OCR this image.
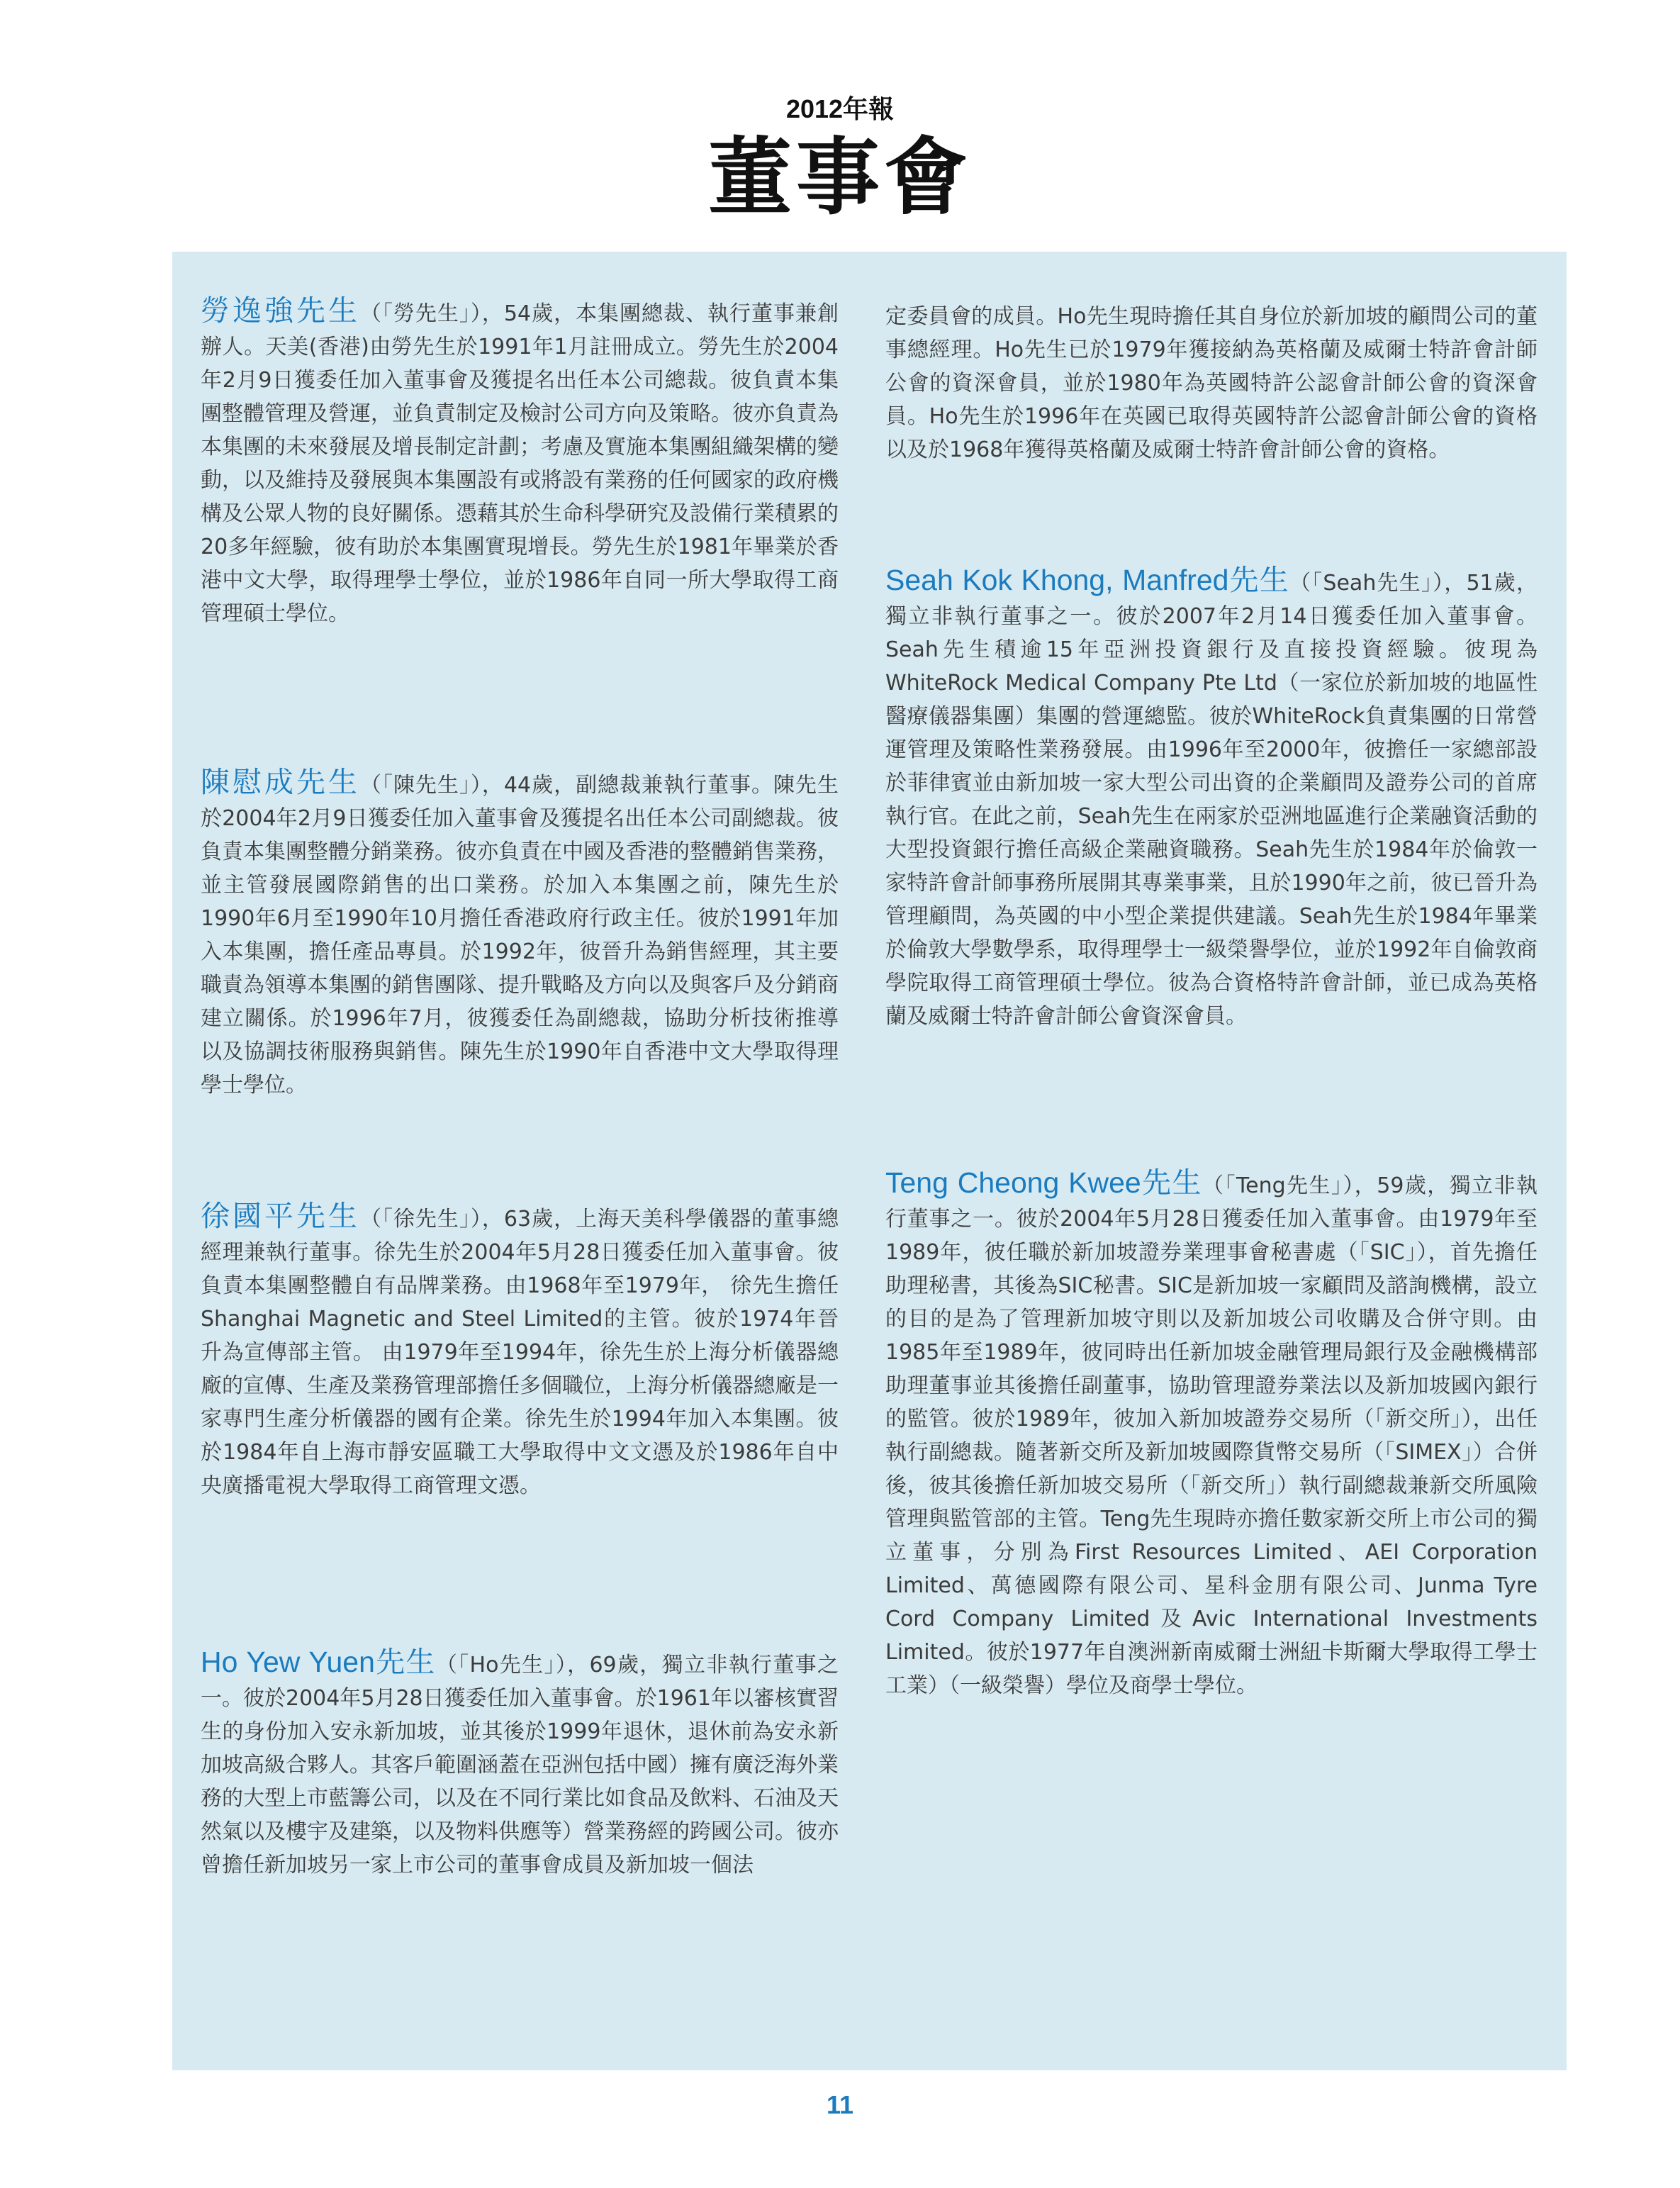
2012年報
董事會

勞逸強先生（「勞先生」），54歲，本集團總裁、執行董事兼創辦人。天美(香港)由勞先生於1991年1月註冊成立。勞先生於2004年2月9日獲委任加入董事會及獲提名出任本公司總裁。彼負責本集團整體管理及營運，並負責制定及檢討公司方向及策略。彼亦負責為本集團的未來發展及增長制定計劃；考慮及實施本集團組織架構的變動，以及維持及發展與本集團設有或將設有業務的任何國家的政府機構及公眾人物的良好關係。憑藉其於生命科學研究及設備行業積累的20多年經驗，彼有助於本集團實現增長。勞先生於1981年畢業於香港中文大學，取得理學士學位，並於1986年自同一所大學取得工商管理碩士學位。

陳慰成先生（「陳先生」），44歲，副總裁兼執行董事。陳先生於2004年2月9日獲委任加入董事會及獲提名出任本公司副總裁。彼負責本集團整體分銷業務。彼亦負責在中國及香港的整體銷售業務，並主管發展國際銷售的出口業務。於加入本集團之前，陳先生於1990年6月至1990年10月擔任香港政府行政主任。彼於1991年加入本集團，擔任產品專員。於1992年，彼晉升為銷售經理，其主要職責為領導本集團的銷售團隊、提升戰略及方向以及與客戶及分銷商建立關係。於1996年7月，彼獲委任為副總裁，協助分析技術推導以及協調技術服務與銷售。陳先生於1990年自香港中文大學取得理學士學位。

徐國平先生（「徐先生」），63歲，上海天美科學儀器的董事總經理兼執行董事。徐先生於2004年5月28日獲委任加入董事會。彼負責本集團整體自有品牌業務。由1968年至1979年， 徐先生擔任Shanghai Magnetic and Steel Limited的主管。彼於1974年晉升為宣傳部主管。 由1979年至1994年，徐先生於上海分析儀器總廠的宣傳、生產及業務管理部擔任多個職位，上海分析儀器總廠是一家專門生產分析儀器的國有企業。徐先生於1994年加入本集團。彼於1984年自上海市靜安區職工大學取得中文文憑及於1986年自中央廣播電視大學取得工商管理文憑。

Ho Yew Yuen先生（「Ho先生」），69歲，獨立非執行董事之一。彼於2004年5月28日獲委任加入董事會。於1961年以審核實習生的身份加入安永新加坡，並其後於1999年退休，退休前為安永新加坡高級合夥人。其客戶範圍涵蓋在亞洲包括中國）擁有廣泛海外業務的大型上市藍籌公司，以及在不同行業比如食品及飲料、石油及天然氣以及樓宇及建築，以及物料供應等）營業務經的跨國公司。彼亦曾擔任新加坡另一家上市公司的董事會成員及新加坡一個法

定委員會的成員。Ho先生現時擔任其自身位於新加坡的顧問公司的董事總經理。Ho先生已於1979年獲接納為英格蘭及威爾士特許會計師公會的資深會員，並於1980年為英國特許公認會計師公會的資深會員。Ho先生於1996年在英國已取得英國特許公認會計師公會的資格以及於1968年獲得英格蘭及威爾士特許會計師公會的資格。

Seah Kok Khong, Manfred先生（「Seah先生」），51歲，獨立非執行董事之一。彼於2007年2月14日獲委任加入董事會。Seah先生積逾15年亞洲投資銀行及直接投資經驗。彼現為WhiteRock Medical Company Pte Ltd（一家位於新加坡的地區性醫療儀器集團）集團的營運總監。彼於WhiteRock負責集團的日常營運管理及策略性業務發展。由1996年至2000年，彼擔任一家總部設於菲律賓並由新加坡一家大型公司出資的企業顧問及證券公司的首席執行官。在此之前，Seah先生在兩家於亞洲地區進行企業融資活動的大型投資銀行擔任高級企業融資職務。Seah先生於1984年於倫敦一家特許會計師事務所展開其專業事業，且於1990年之前，彼已晉升為管理顧問，為英國的中小型企業提供建議。Seah先生於1984年畢業於倫敦大學數學系，取得理學士一級榮譽學位，並於1992年自倫敦商學院取得工商管理碩士學位。彼為合資格特許會計師，並已成為英格蘭及威爾士特許會計師公會資深會員。

Teng Cheong Kwee先生（「Teng先生」），59歲，獨立非執行董事之一。彼於2004年5月28日獲委任加入董事會。由1979年至1989年，彼任職於新加坡證券業理事會秘書處（「SIC」），首先擔任助理秘書，其後為SIC秘書。SIC是新加坡一家顧問及諮詢機構，設立的目的是為了管理新加坡守則以及新加坡公司收購及合併守則。由1985年至1989年，彼同時出任新加坡金融管理局銀行及金融機構部助理董事並其後擔任副董事，協助管理證券業法以及新加坡國內銀行的監管。彼於1989年，彼加入新加坡證券交易所（「新交所」），出任執行副總裁。隨著新交所及新加坡國際貨幣交易所（「SIMEX」）合併後，彼其後擔任新加坡交易所（「新交所」）執行副總裁兼新交所風險管理與監管部的主管。Teng先生現時亦擔任數家新交所上市公司的獨立董事，分別為First Resources Limited、AEI Corporation Limited、萬德國際有限公司、星科金朋有限公司、Junma Tyre Cord Company Limited及Avic International Investments Limited。彼於1977年自澳洲新南威爾士洲紐卡斯爾大學取得工學士工業）（一級榮譽）學位及商學士學位。

11
